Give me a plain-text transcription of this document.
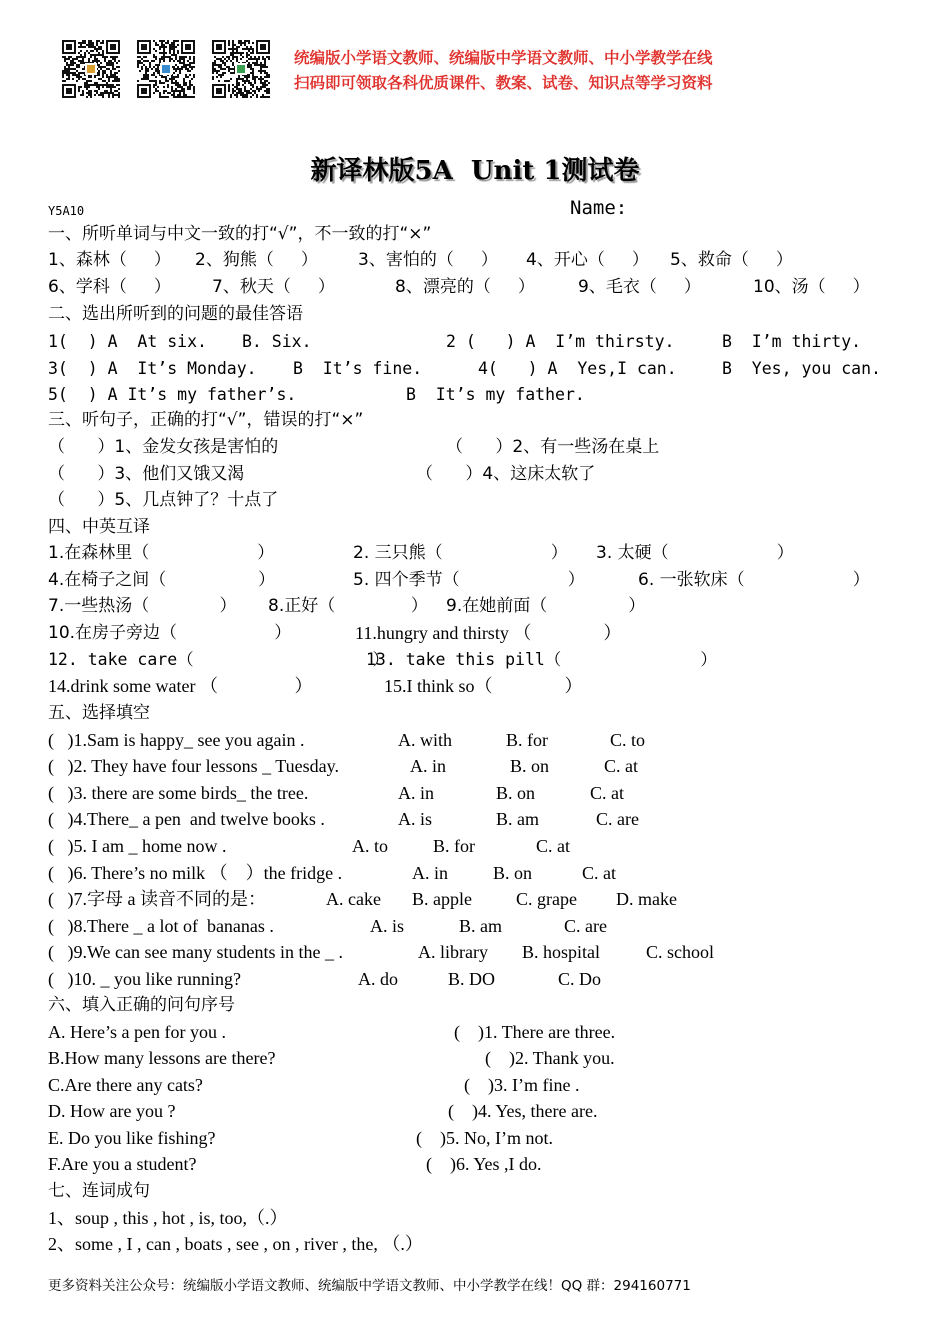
统编版小学语文教师、统编版中学语文教师、中小学教学在线
扫码即可领取各科优质课件、教案、试卷、知识点等学习资料
新译林版5A  Unit 1测试卷
Y5A10	Name:
一、所听单词与中文一致的打“√”，不一致的打“×”

1、森林（     ）

2、狗熊（     ）

3、害怕的（     ）

4、开心（     ）

5、救命（     ）

6、学科（     ）

7、秋天（     ）

	8、漂亮的（     ）

	9、毛衣（     ）

	10、汤（     ）

二、选出所听到的问题的最佳答语

1(  ) A  At six.

B. Six.

	2 (   ) A  I’m thirsty.

	B  I’m thirty.

3(  ) A  It’s Monday.

B  It’s fine.

	4(   ) A  Yes,I can.

	B  Yes, you can.

5(  ) A It’s my father’s.

	B  It’s my father.

三、听句子，正确的打“√”，错误的打“×”

（      ）1、金发女孩是害怕的

	（      ）2、有一些汤在桌上

（      ）3、他们又饿又渴

	（      ）4、这床太软了

（      ）5、几点钟了？十点了

四、中英互译

1.在森林里（                    ）

	2. 三只熊（                    ）

3. 太硬（                    ）

4.在椅子之间（                 ）

	5. 四个季节（                    ）

	6. 一张软床（                    ）

7.一些热汤（             ）

8.正好（              ）

9.在她前面（               ）

10.在房子旁边（                  ）

	11.hungry and thirsty （                ）

12. take care（                  ）

13. take this pill（              ）

14.drink some water （                 ）

	15.I think so（                ）

五、选择填空
(   )1.Sam is happy_ see you again .	A. with	B. for	C. to
(   )2. They have four lessons _ Tuesday.	A. in	B. on	C. at
(   )3. there are some birds_ the tree.	A. in	B. on	C. at
(   )4.There_ a pen  and twelve books .	A. is	B. am	C. are
(   )5. I am _ home now .	A. to	B. for	C. at
(   )6. There’s no milk （    ）the fridge .	A. in	B. on	C. at
(   )7.字母 a 读音不同的是：	A. cake B. apple C. grape D. make
(   )8.There _ a lot of  bananas .	A. is	B. am	C. are
(   )9.We can see many students in the _ .	A. library B. hospital	C. school
(   )10. _ you like running?	A. do	B. DO	C. Do
六、填入正确的问句序号
A. Here’s a pen for you .	(    )1. There are three.
B.How many lessons are there?	(    )2. Thank you.
C.Are there any cats?	(    )3. I’m fine .
D. How are you ?	(    )4. Yes, there are.
E. Do you like fishing?	(    )5. No, I’m not.
F.Are you a student?	(    )6. Yes ,I do.
七、连词成句
1、soup , this , hot , is, too,（.）
2、some , I , can , boats , see , on , river , the, （.）
更多资料关注公众号：统编版小学语文教师、统编版中学语文教师、中小学教学在线！QQ 群：294160771
